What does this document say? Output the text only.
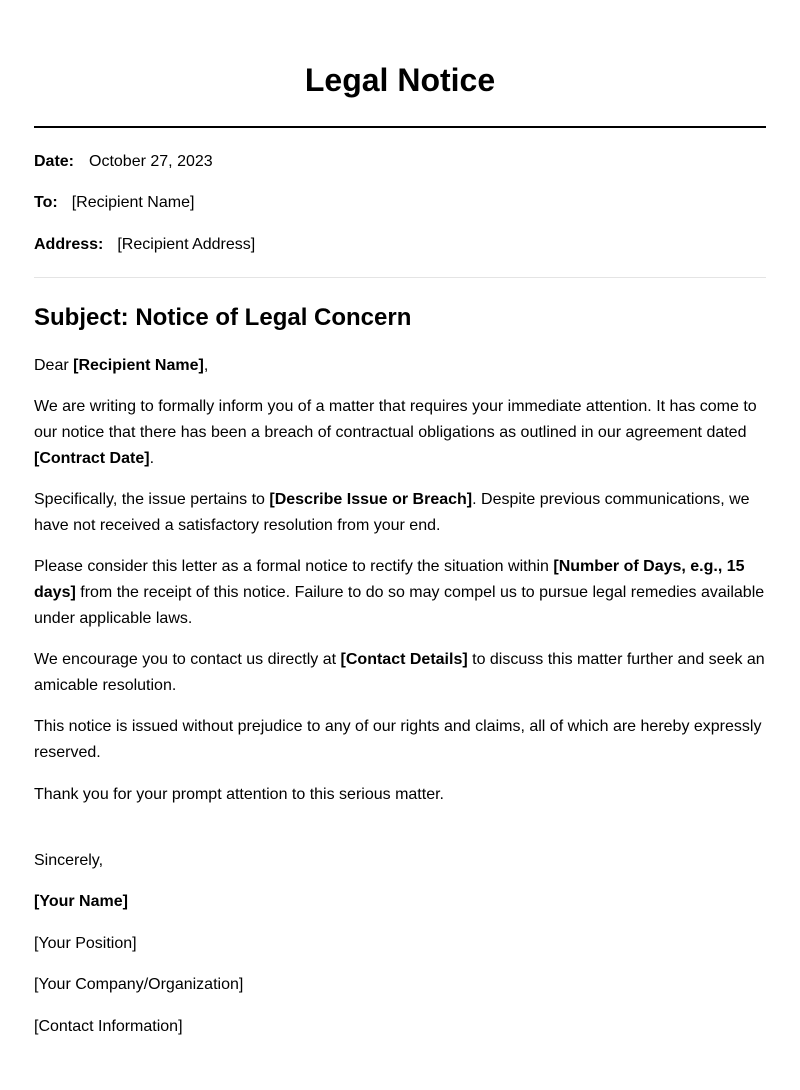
Legal Notice
Date: October 27, 2023
To: [Recipient Name]
Address: [Recipient Address]
Subject: Notice of Legal Concern

Dear [Recipient Name],

We are writing to formally inform you of a matter that requires your immediate attention. It has come to our notice that there has been a breach of contractual obligations as outlined in our agreement dated [Contract Date].

Specifically, the issue pertains to [Describe Issue or Breach]. Despite previous communications, we have not received a satisfactory resolution from your end.

Please consider this letter as a formal notice to rectify the situation within [Number of Days, e.g., 15 days] from the receipt of this notice. Failure to do so may compel us to pursue legal remedies available under applicable laws.

We encourage you to contact us directly at [Contact Details] to discuss this matter further and seek an amicable resolution.

This notice is issued without prejudice to any of our rights and claims, all of which are hereby expressly reserved.

Thank you for your prompt attention to this serious matter.

Sincerely,
[Your Name]
[Your Position]
[Your Company/Organization]
[Contact Information]
